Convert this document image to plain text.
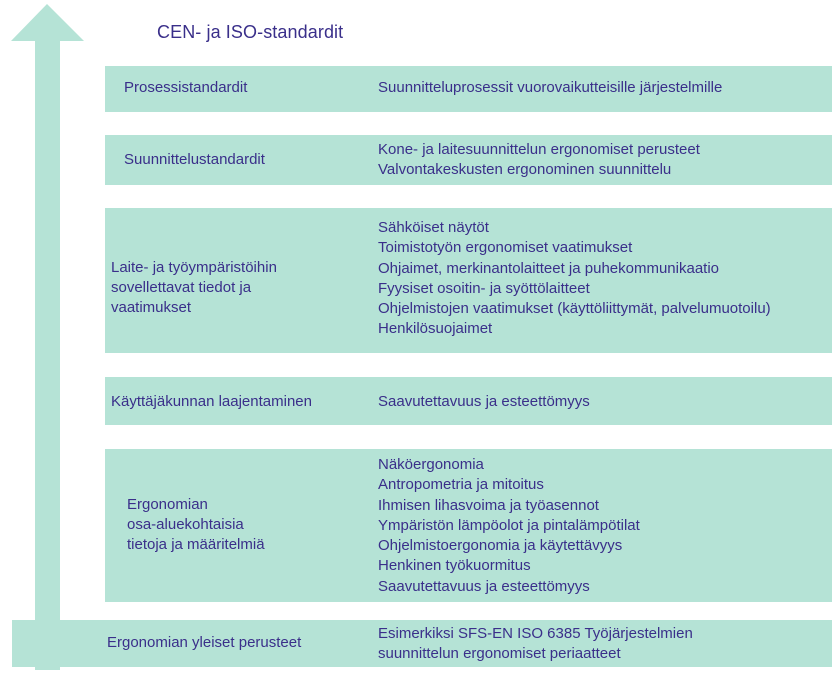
CEN- ja ISO-standardit
Prosessistandardit	Suunnitteluprosessit vuorovaikutteisille järjestelmille
Suunnittelustandardit
Kone- ja laitesuunnittelun ergonomiset perusteet
Valvontakeskusten ergonominen suunnittelu
Laite- ja työympäristöihin
sovellettavat tiedot ja
vaatimukset
Sähköiset näytöt
Toimistotyön ergonomiset vaatimukset
Ohjaimet, merkinantolaitteet ja puhekommunikaatio
Fyysiset osoitin- ja syöttölaitteet
Ohjelmistojen vaatimukset (käyttöliittymät, palvelumuotoilu)
Henkilösuojaimet
Käyttäjäkunnan laajentaminen	Saavutettavuus ja esteettömyys
Ergonomian
osa-aluekohtaisia
tietoja ja määritelmiä
Näköergonomia
Antropometria ja mitoitus
Ihmisen lihasvoima ja työasennot
Ympäristön lämpöolot ja pintalämpötilat
Ohjelmistoergonomia ja käytettävyys
Henkinen työkuormitus
Saavutettavuus ja esteettömyys
Ergonomian yleiset perusteet
Esimerkiksi SFS-EN ISO 6385 Työjärjestelmien
suunnittelun ergonomiset periaatteet
